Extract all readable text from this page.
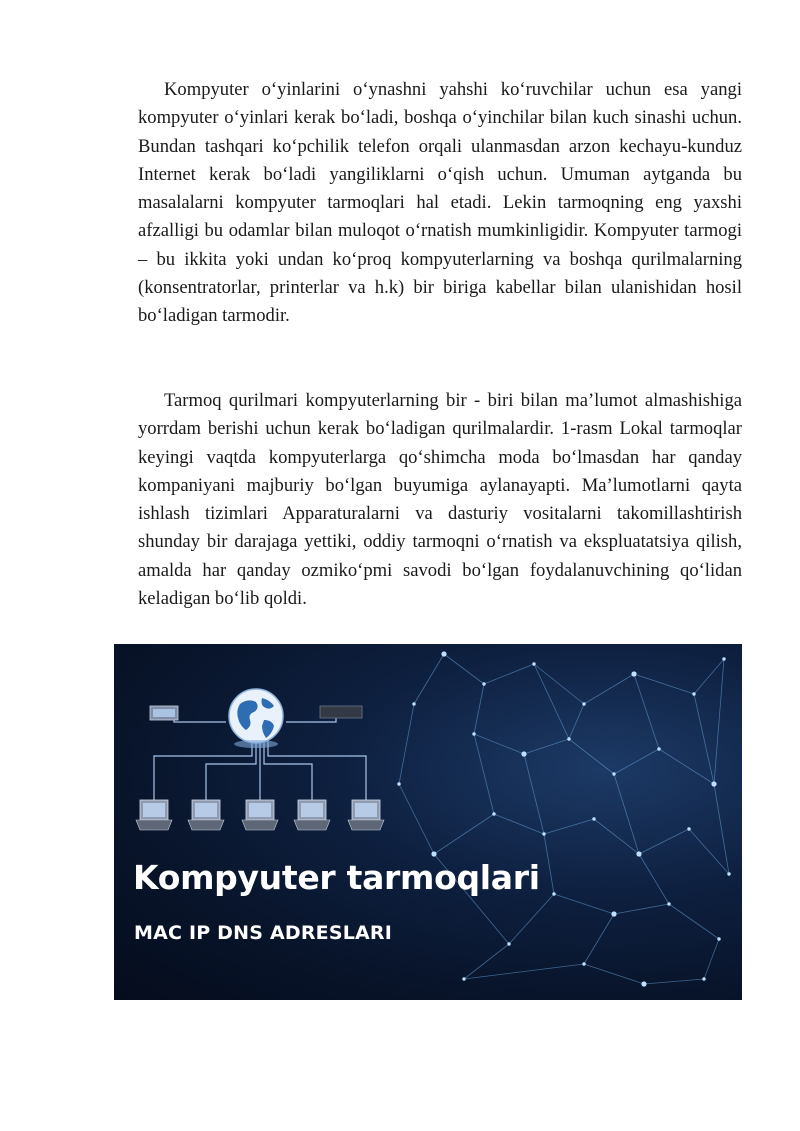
Kompyuter o‘yinlarini o‘ynashni yahshi ko‘ruvchilar uchun esa yangi kompyuter o‘yinlari kerak bo‘ladi, boshqa o‘yinchilar bilan kuch sinashi uchun. Bundan tashqari ko‘pchilik telefon orqali ulanmasdan arzon kechayu-kunduz Internet kerak bo‘ladi yangiliklarni o‘qish uchun. Umuman aytganda bu masalalarni kompyuter tarmoqlari hal etadi. Lekin tarmoqning eng yaxshi afzalligi bu odamlar bilan muloqot o‘rnatish mumkinligidir. Kompyuter tarmogi – bu ikkita yoki undan ko‘proq kompyuterlarning va boshqa qurilmalarning (konsentratorlar, printerlar va h.k) bir biriga kabellar bilan ulanishidan hosil bo‘ladigan tarmodir.

Tarmoq qurilmari kompyuterlarning bir - biri bilan ma’lumot almashishiga yorrdam berishi uchun kerak bo‘ladigan qurilmalardir. 1-rasm Lokal tarmoqlar keyingi vaqtda kompyuterlarga qo‘shimcha moda bo‘lmasdan har qanday kompaniyani majburiy bo‘lgan buyumiga aylanayapti. Ma’lumotlarni qayta ishlash tizimlari Apparaturalarni va dasturiy vositalarni takomillashtirish shunday bir darajaga yettiki, oddiy tarmoqni o‘rnatish va ekspluatatsiya qilish, amalda har qanday ozmiko‘pmi savodi bo‘lgan foydalanuvchining qo‘lidan keladigan bo‘lib qoldi.

Kompyuter tarmoqlari
MAC IP DNS ADRESLARI
